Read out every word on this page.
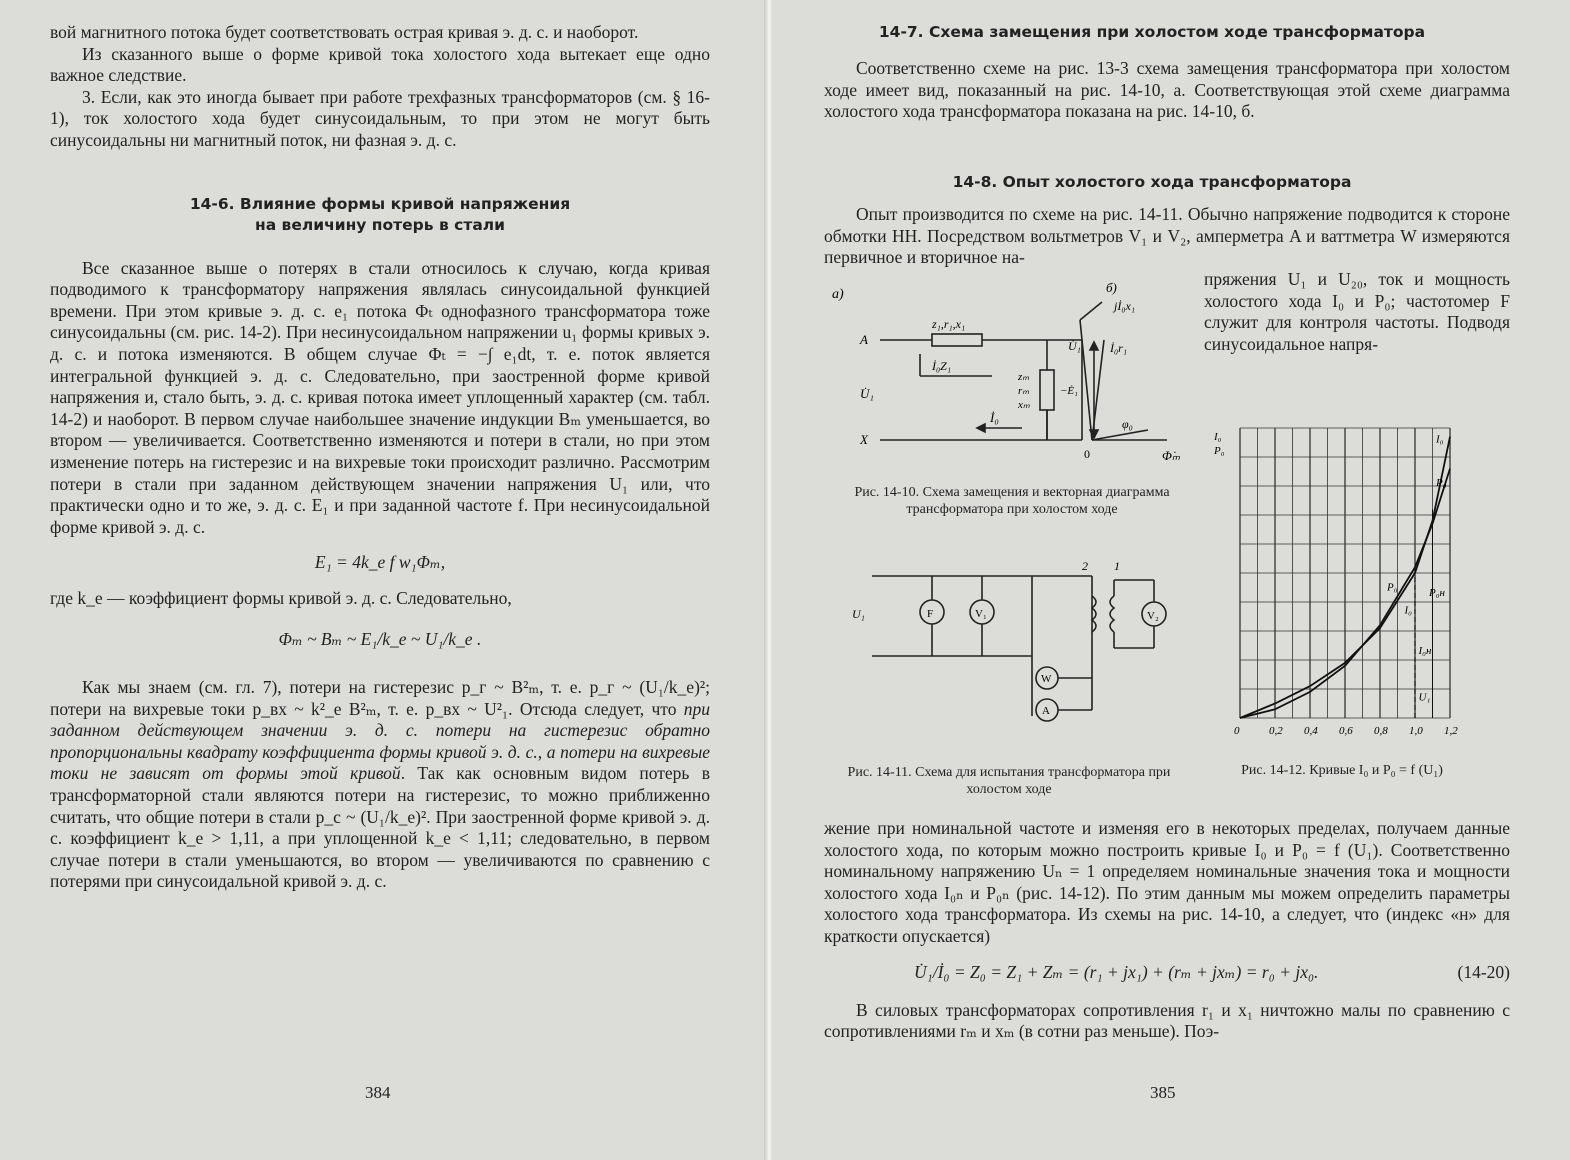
вой магнитного потока будет соответствовать острая кривая э. д. с. и наоборот.

Из сказанного выше о форме кривой тока холостого хода вытекает еще одно важное следствие.

3. Если, как это иногда бывает при работе трехфазных трансформаторов (см. § 16-1), ток холостого хода будет синусоидальным, то при этом не могут быть синусоидальны ни магнитный поток, ни фазная э. д. с.

14-6. Влияние формы кривой напряжения
на величину потерь в стали

Все сказанное выше о потерях в стали относилось к случаю, когда кривая подводимого к трансформатору напряжения являлась синусоидальной функцией времени. При этом кривые э. д. с. e₁ потока Φₜ однофазного трансформатора тоже синусоидальны (см. рис. 14-2). При несинусоидальном напряжении u₁ формы кривых э. д. с. и потока изменяются. В общем случае Φₜ = −∫ e₁dt, т. е. поток является интегральной функцией э. д. с. Следовательно, при заостренной форме кривой напряжения и, стало быть, э. д. с. кривая потока имеет уплощенный характер (см. табл. 14-2) и наоборот. В первом случае наибольшее значение индукции Bₘ уменьшается, во втором — увеличивается. Соответственно изменяются и потери в стали, но при этом изменение потерь на гистерезис и на вихревые токи происходит различно. Рассмотрим потери в стали при заданном действующем значении напряжения U₁ или, что практически одно и то же, э. д. с. E₁ и при заданной частоте f. При несинусоидальной форме кривой э. д. с.

E₁ = 4k_e f w₁Φₘ,

где k_e — коэффициент формы кривой э. д. с. Следовательно,

Φₘ ~ Bₘ ~ E₁/k_e ~ U₁/k_e .

Как мы знаем (см. гл. 7), потери на гистерезис p_г ~ B²ₘ, т. е. p_г ~ (U₁/k_e)²; потери на вихревые токи p_вх ~ k²_e B²ₘ, т. е. p_вх ~ U²₁. Отсюда следует, что при заданном действующем значении э. д. с. потери на гистерезис обратно пропорциональны квадрату коэффициента формы кривой э. д. с., а потери на вихревые токи не зависят от формы этой кривой. Так как основным видом потерь в трансформаторной стали являются потери на гистерезис, то можно приближенно считать, что общие потери в стали p_c ~ (U₁/k_e)². При заостренной форме кривой э. д. с. коэффициент k_e > 1,11, а при уплощенной k_e < 1,11; следовательно, в первом случае потери в стали уменьшаются, во втором — увеличиваются по сравнению с потерями при синусоидальной кривой э. д. с.

384
14-7. Схема замещения при холостом ходе трансформатора

Соответственно схеме на рис. 13-3 схема замещения трансформатора при холостом ходе имеет вид, показанный на рис. 14-10, а. Соответствующая этой схеме диаграмма холостого хода трансформатора показана на рис. 14-10, б.

14-8. Опыт холостого хода трансформатора

Опыт производится по схеме на рис. 14-11. Обычно напряжение подводится к стороне обмотки НН. Посредством вольтметров V₁ и V₂, амперметра A и ваттметра W измеряются первичное и вторичное на-

пряжения U₁ и U₂₀, ток и мощность холостого хода I₀ и P₀; частотомер F служит для контроля частоты. Подводя синусоидальное напря-

а)
A
X
z₁,r₁,x₁
İ₀Z₁
U̇₁
İ₀
zₘ
rₘ
xₘ
−Ė₁
б)
jİ₀x₁
İ₀r₁
U̇₁
φ₀
0	Φ̇ₘ
Рис. 14-10. Схема замещения и векторная диаграмма трансформатора при холостом ходе
U₁	F	V₁	V₂
W
A
2 1
Рис. 14-11. Схема для испытания трансформатора при холостом ходе
0	0,2 0,4 0,6 0,8 1,0 1,2
I₀
P₀
I₀
P₀
P₀
I₀
P₀н
I₀н
U₁
Рис. 14-12. Кривые I₀ и P₀ = f (U₁)

жение при номинальной частоте и изменяя его в некоторых пределах, получаем данные холостого хода, по которым можно построить кривые I₀ и P₀ = f (U₁). Соответственно номинальному напряжению Uₙ = 1 определяем номинальные значения тока и мощности холостого хода I₀ₙ и P₀ₙ (рис. 14-12). По этим данным мы можем определить параметры холостого хода трансформатора. Из схемы на рис. 14-10, а следует, что (индекс «н» для краткости опускается)

U̇₁/İ₀ = Z₀ = Z₁ + Zₘ = (r₁ + jx₁) + (rₘ + jxₘ) = r₀ + jx₀.	(14-20)

В силовых трансформаторах сопротивления r₁ и x₁ ничтожно малы по сравнению с сопротивлениями rₘ и xₘ (в сотни раз меньше). Поэ-

385
